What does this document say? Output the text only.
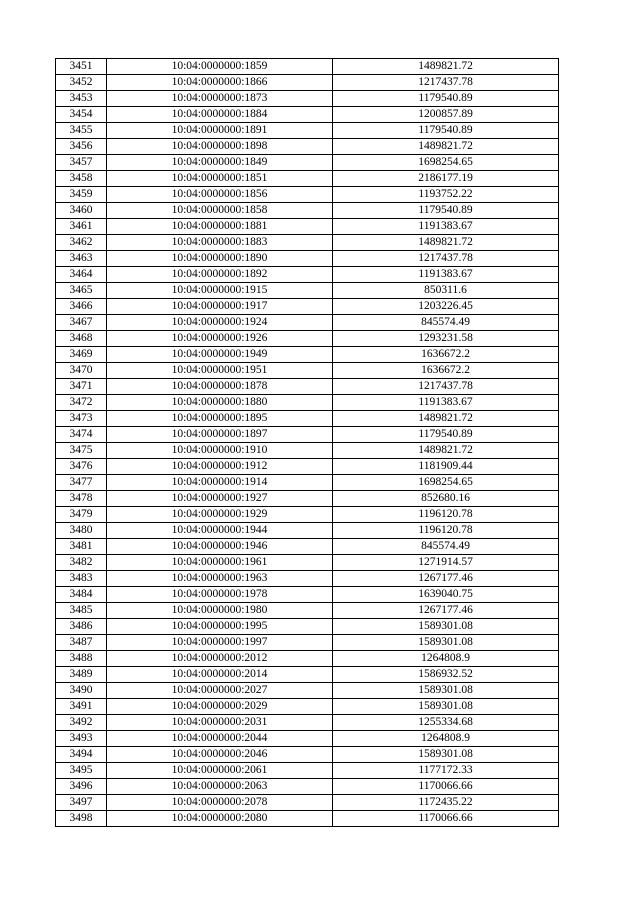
3451	10:04:0000000:1859	1489821.72
3452	10:04:0000000:1866	1217437.78
3453	10:04:0000000:1873	1179540.89
3454	10:04:0000000:1884	1200857.89
3455	10:04:0000000:1891	1179540.89
3456	10:04:0000000:1898	1489821.72
3457	10:04:0000000:1849	1698254.65
3458	10:04:0000000:1851	2186177.19
3459	10:04:0000000:1856	1193752.22
3460	10:04:0000000:1858	1179540.89
3461	10:04:0000000:1881	1191383.67
3462	10:04:0000000:1883	1489821.72
3463	10:04:0000000:1890	1217437.78
3464	10:04:0000000:1892	1191383.67
3465	10:04:0000000:1915	850311.6
3466	10:04:0000000:1917	1203226.45
3467	10:04:0000000:1924	845574.49
3468	10:04:0000000:1926	1293231.58
3469	10:04:0000000:1949	1636672.2
3470	10:04:0000000:1951	1636672.2
3471	10:04:0000000:1878	1217437.78
3472	10:04:0000000:1880	1191383.67
3473	10:04:0000000:1895	1489821.72
3474	10:04:0000000:1897	1179540.89
3475	10:04:0000000:1910	1489821.72
3476	10:04:0000000:1912	1181909.44
3477	10:04:0000000:1914	1698254.65
3478	10:04:0000000:1927	852680.16
3479	10:04:0000000:1929	1196120.78
3480	10:04:0000000:1944	1196120.78
3481	10:04:0000000:1946	845574.49
3482	10:04:0000000:1961	1271914.57
3483	10:04:0000000:1963	1267177.46
3484	10:04:0000000:1978	1639040.75
3485	10:04:0000000:1980	1267177.46
3486	10:04:0000000:1995	1589301.08
3487	10:04:0000000:1997	1589301.08
3488	10:04:0000000:2012	1264808.9
3489	10:04:0000000:2014	1586932.52
3490	10:04:0000000:2027	1589301.08
3491	10:04:0000000:2029	1589301.08
3492	10:04:0000000:2031	1255334.68
3493	10:04:0000000:2044	1264808.9
3494	10:04:0000000:2046	1589301.08
3495	10:04:0000000:2061	1177172.33
3496	10:04:0000000:2063	1170066.66
3497	10:04:0000000:2078	1172435.22
3498	10:04:0000000:2080	1170066.66
